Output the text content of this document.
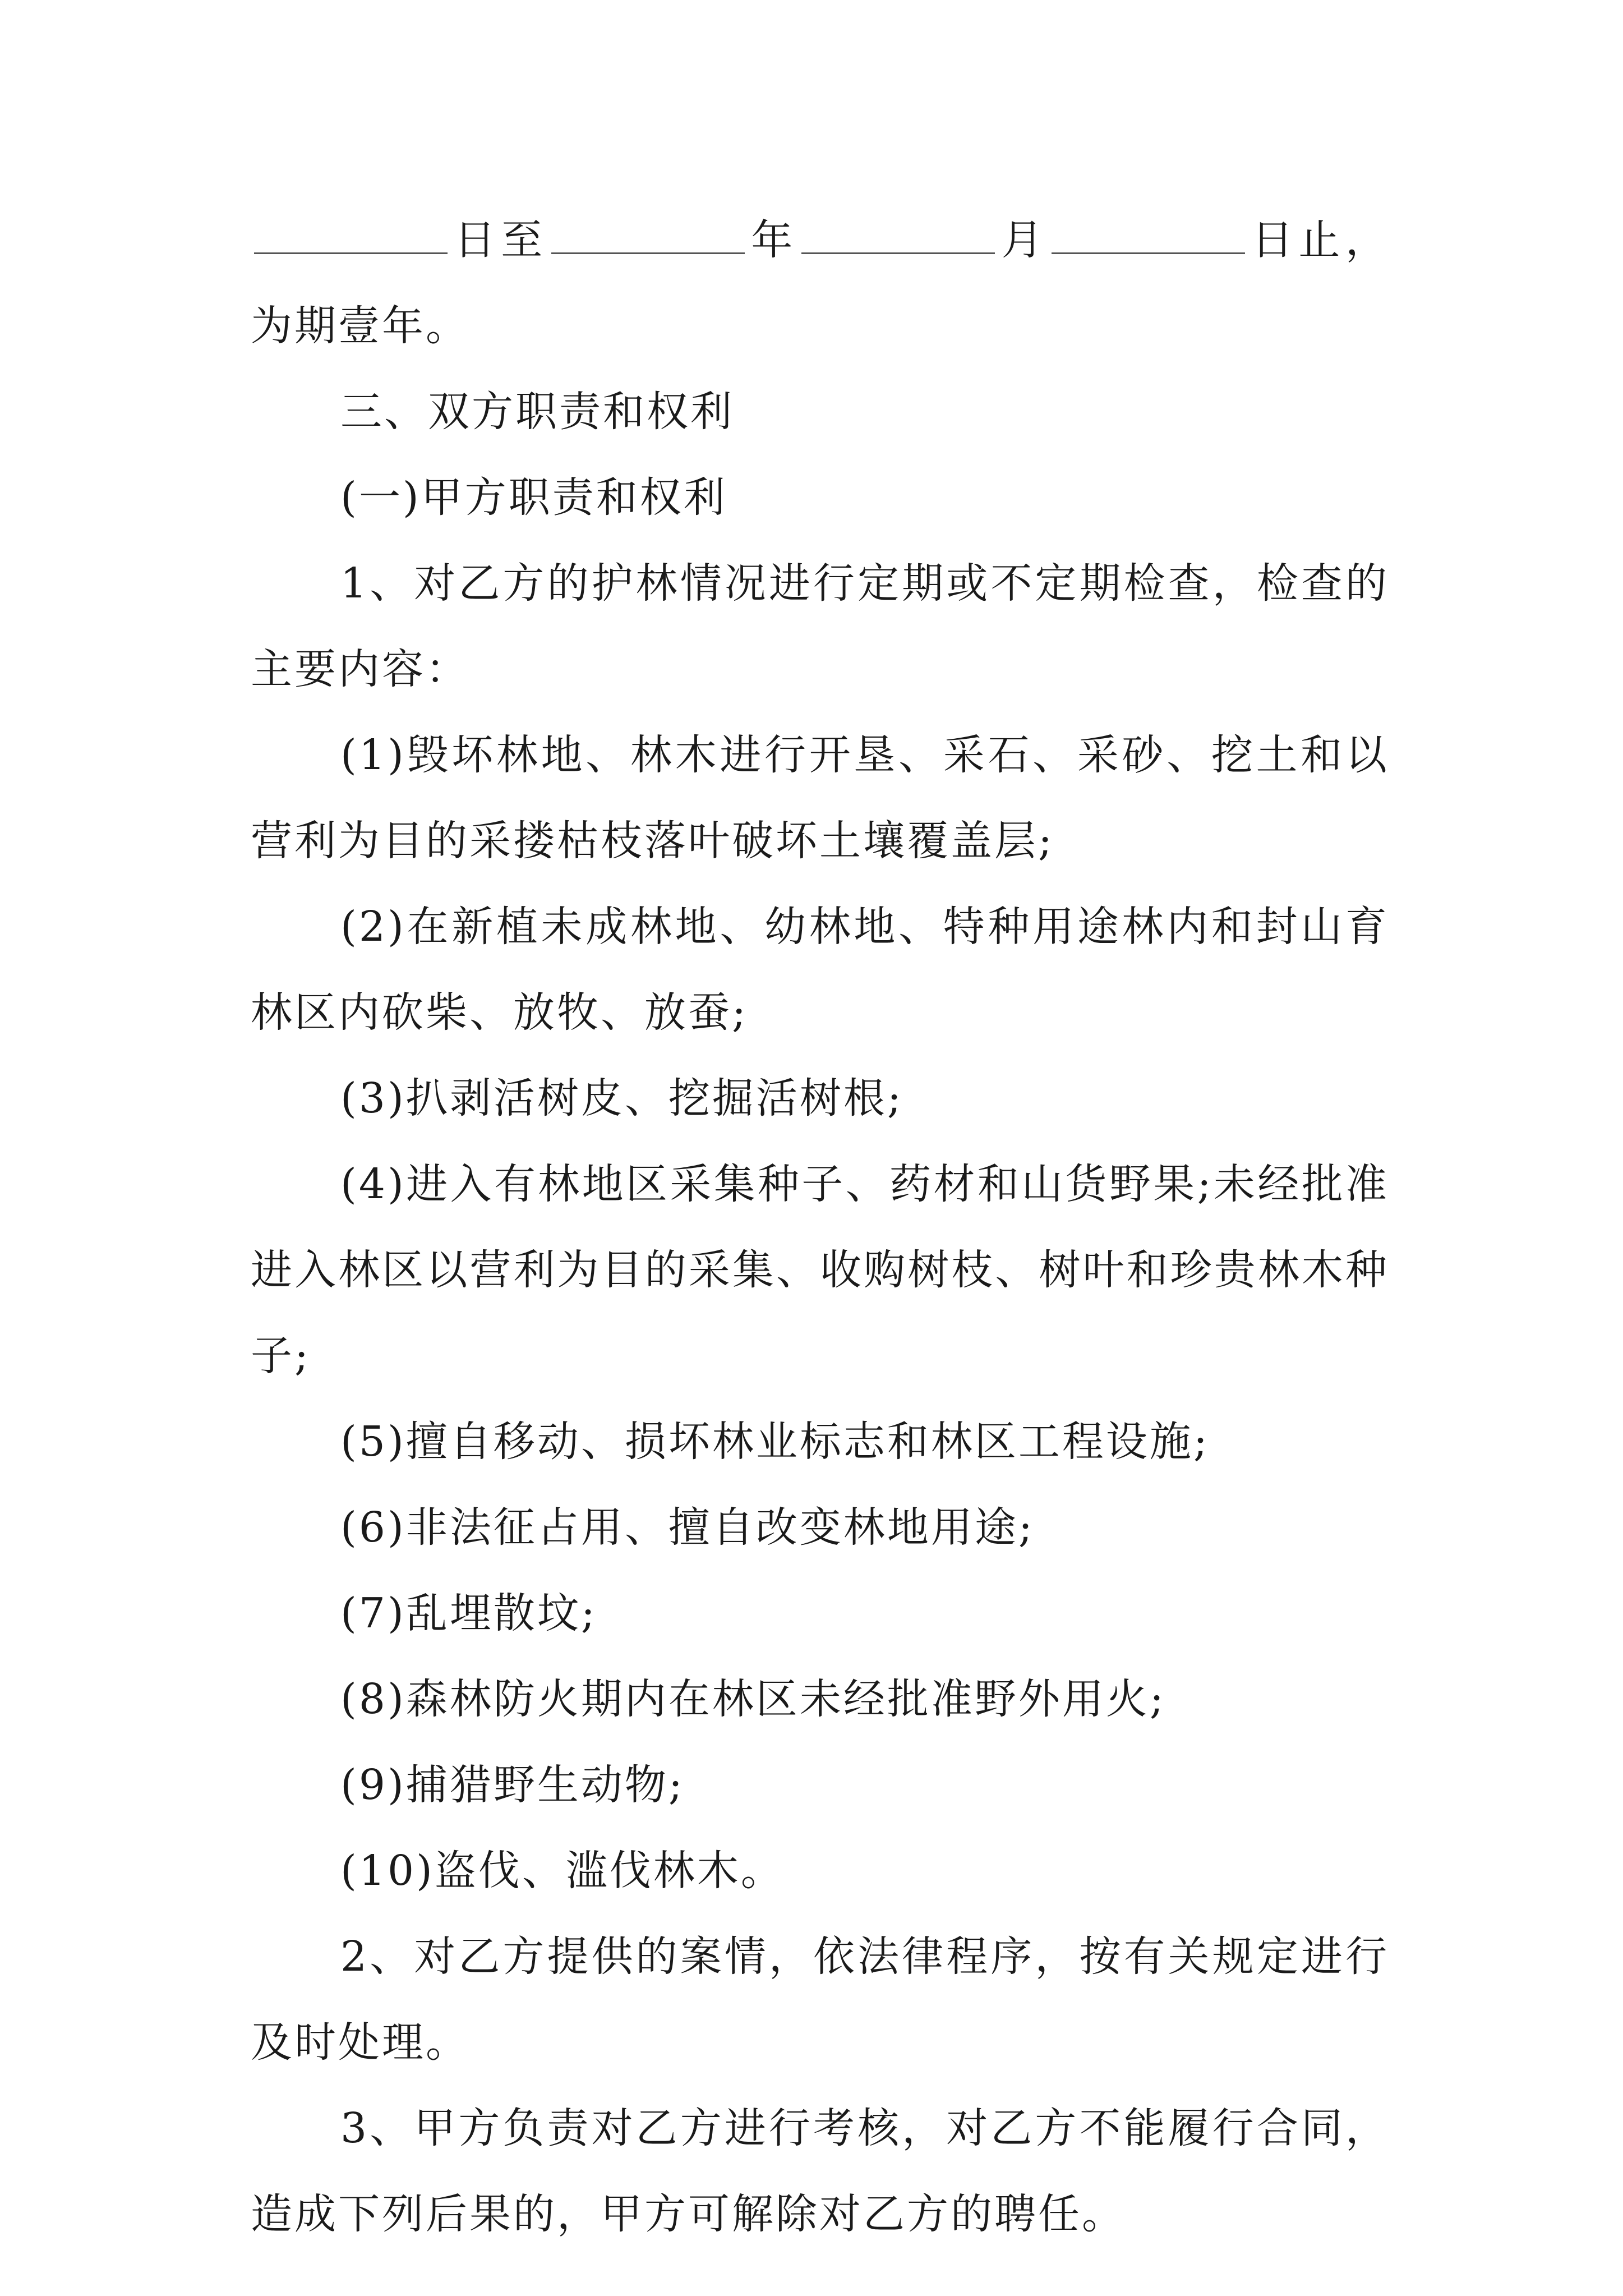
日至	年	月	日止，为期壹年。

三、双方职责和权利

(一)甲方职责和权利

1、对乙方的护林情况进行定期或不定期检查，检查的主要内容：

(1)毁坏林地、林木进行开垦、采石、采砂、挖土和以营利为目的采搂枯枝落叶破坏土壤覆盖层;

(2)在新植未成林地、幼林地、特种用途林内和封山育林区内砍柴、放牧、放蚕;

(3)扒剥活树皮、挖掘活树根;

(4)进入有林地区采集种子、药材和山货野果;未经批准进入林区以营利为目的采集、收购树枝、树叶和珍贵林木种子;

(5)擅自移动、损坏林业标志和林区工程设施;

(6)非法征占用、擅自改变林地用途;

(7)乱埋散坟;

(8)森林防火期内在林区未经批准野外用火;

(9)捕猎野生动物;

(10)盗伐、滥伐林木。

2、对乙方提供的案情，依法律程序，按有关规定进行及时处理。

3、甲方负责对乙方进行考核，对乙方不能履行合同，造成下列后果的，甲方可解除对乙方的聘任。
